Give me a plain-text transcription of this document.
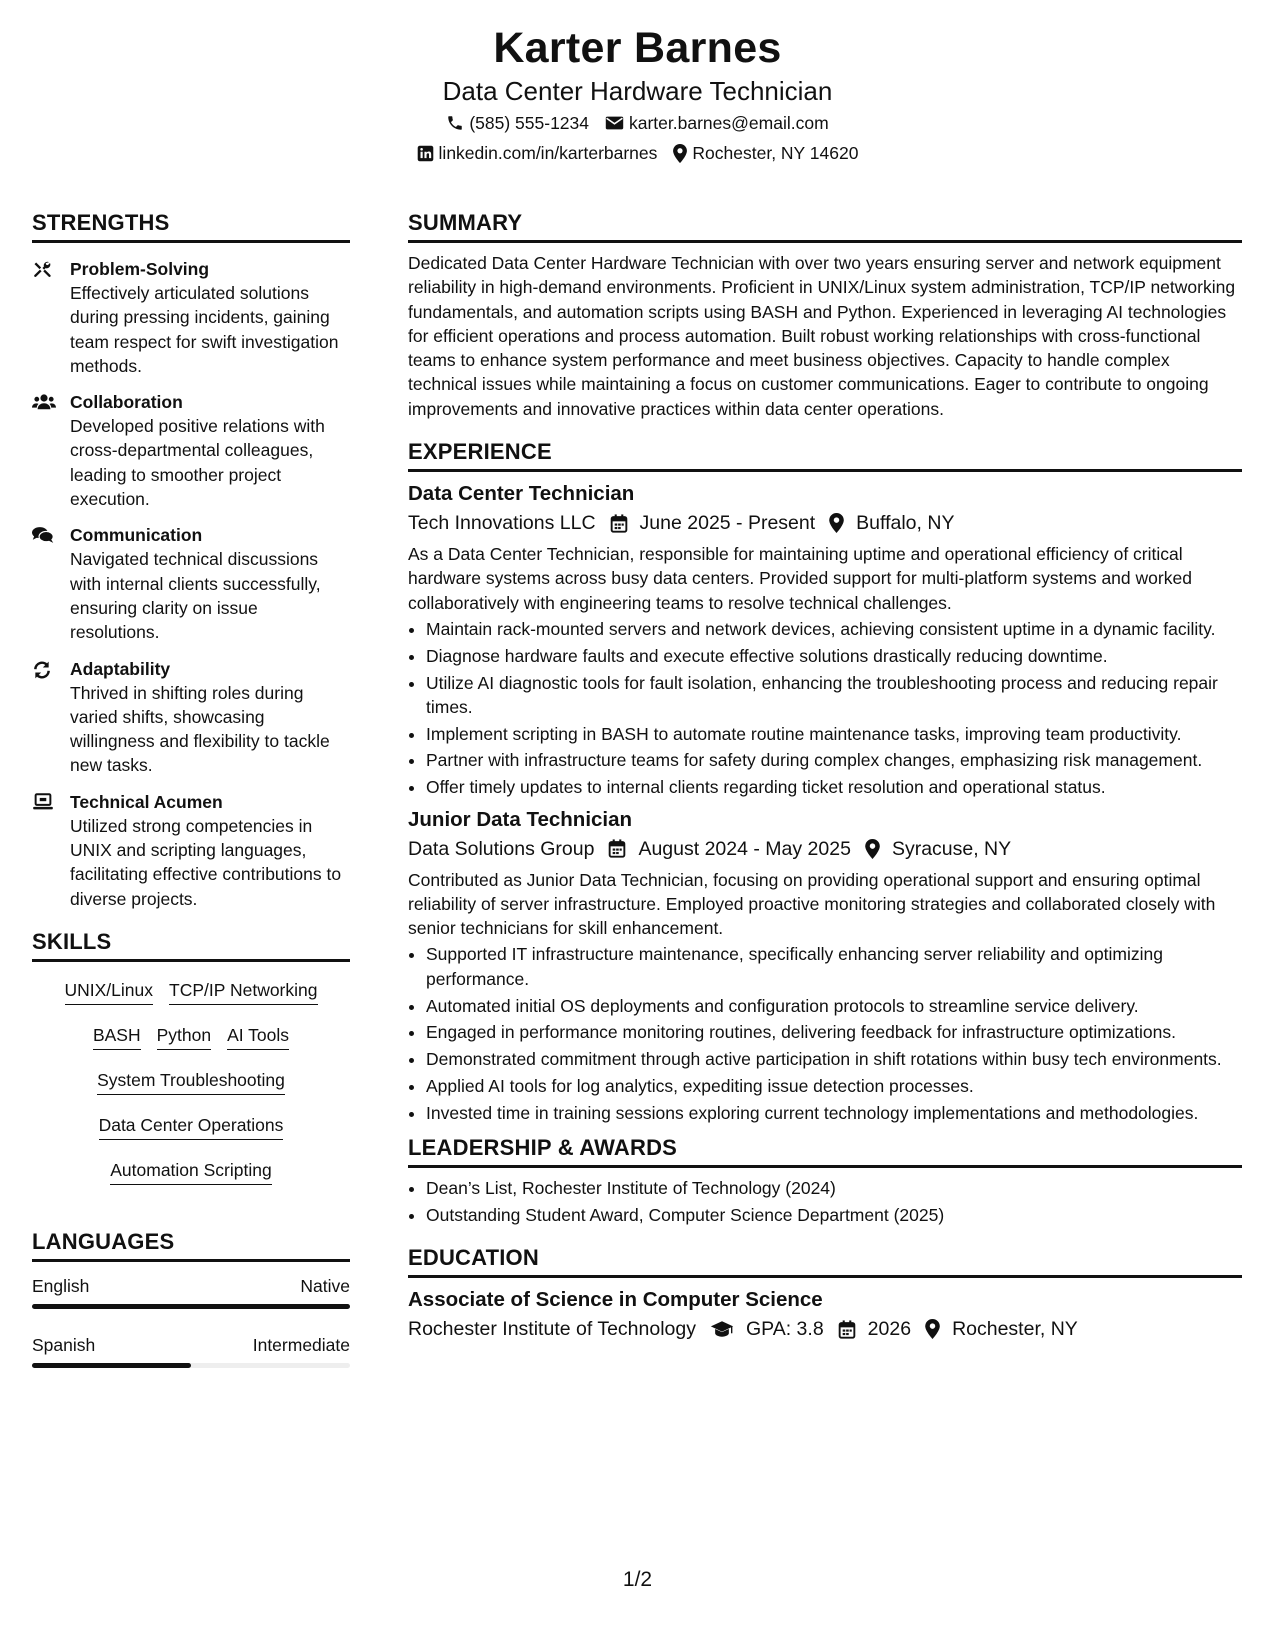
Karter Barnes
Data Center Hardware Technician
(585) 555-1234 karter.barnes@email.com
linkedin.com/in/karterbarnes Rochester, NY 14620
STRENGTHS
Problem-Solving
Effectively articulated solutions during pressing incidents, gaining team respect for swift investigation methods.
Collaboration
Developed positive relations with cross-departmental colleagues, leading to smoother project execution.
Communication
Navigated technical discussions with internal clients successfully, ensuring clarity on issue resolutions.
Adaptability
Thrived in shifting roles during varied shifts, showcasing willingness and flexibility to tackle new tasks.
Technical Acumen
Utilized strong competencies in UNIX and scripting languages, facilitating effective contributions to diverse projects.
SKILLS
UNIX/Linux TCP/IP Networking
BASH Python AI Tools
System Troubleshooting
Data Center Operations
Automation Scripting
LANGUAGES
English	Native
Spanish	Intermediate
SUMMARY

Dedicated Data Center Hardware Technician with over two years ensuring server and network equipment reliability in high-demand environments. Proficient in UNIX/Linux system administration, TCP/IP networking fundamentals, and automation scripts using BASH and Python. Experienced in leveraging AI technologies for efficient operations and process automation. Built robust working relationships with cross-functional teams to enhance system performance and meet business objectives. Capacity to handle complex technical issues while maintaining a focus on customer communications. Eager to contribute to ongoing improvements and innovative practices within data center operations.

EXPERIENCE
Data Center Technician
Tech Innovations LLC June 2025 - Present Buffalo, NY

As a Data Center Technician, responsible for maintaining uptime and operational efficiency of critical hardware systems across busy data centers. Provided support for multi-platform systems and worked collaboratively with engineering teams to resolve technical challenges.

• Maintain rack-mounted servers and network devices, achieving consistent uptime in a dynamic facility.
• Diagnose hardware faults and execute effective solutions drastically reducing downtime.
• Utilize AI diagnostic tools for fault isolation, enhancing the troubleshooting process and reducing repair times.
• Implement scripting in BASH to automate routine maintenance tasks, improving team productivity.
• Partner with infrastructure teams for safety during complex changes, emphasizing risk management.
• Offer timely updates to internal clients regarding ticket resolution and operational status.
Junior Data Technician
Data Solutions Group August 2024 - May 2025 Syracuse, NY

Contributed as Junior Data Technician, focusing on providing operational support and ensuring optimal reliability of server infrastructure. Employed proactive monitoring strategies and collaborated closely with senior technicians for skill enhancement.

• Supported IT infrastructure maintenance, specifically enhancing server reliability and optimizing performance.
• Automated initial OS deployments and configuration protocols to streamline service delivery.
• Engaged in performance monitoring routines, delivering feedback for infrastructure optimizations.
• Demonstrated commitment through active participation in shift rotations within busy tech environments.
• Applied AI tools for log analytics, expediting issue detection processes.
• Invested time in training sessions exploring current technology implementations and methodologies.
LEADERSHIP & AWARDS
• Dean’s List, Rochester Institute of Technology (2024)
• Outstanding Student Award, Computer Science Department (2025)
EDUCATION
Associate of Science in Computer Science
Rochester Institute of Technology	GPA: 3.8 2026 Rochester, NY
1/2
